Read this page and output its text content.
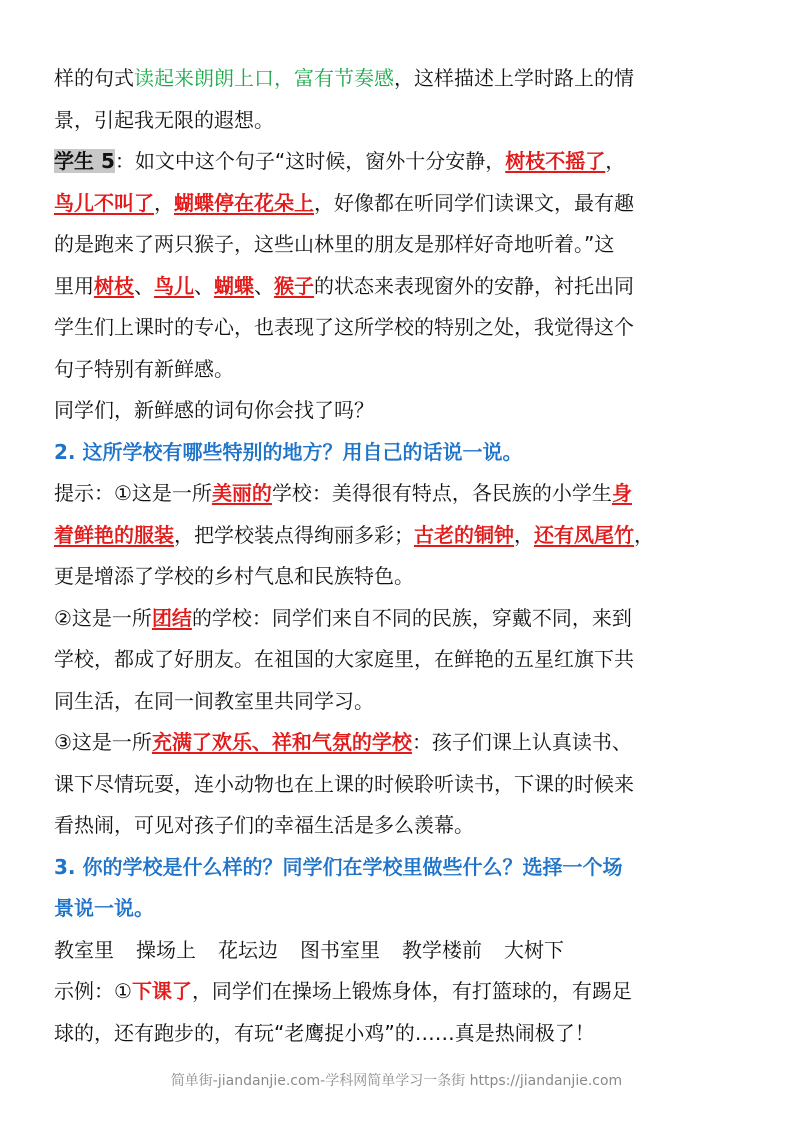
样的句式读起来朗朗上口，富有节奏感，这样描述上学时路上的情
景，引起我无限的遐想。
学生 5：如文中这个句子“这时候，窗外十分安静，树枝不摇了，
鸟儿不叫了，蝴蝶停在花朵上，好像都在听同学们读课文，最有趣
的是跑来了两只猴子，这些山林里的朋友是那样好奇地听着。”这
里用树枝、鸟儿、蝴蝶、猴子的状态来表现窗外的安静，衬托出同
学生们上课时的专心，也表现了这所学校的特别之处，我觉得这个
句子特别有新鲜感。
同学们，新鲜感的词句你会找了吗？
2. 这所学校有哪些特别的地方？用自己的话说一说。
提示：①这是一所美丽的学校：美得很有特点，各民族的小学生身
着鲜艳的服装，把学校装点得绚丽多彩；古老的铜钟，还有凤尾竹，
更是增添了学校的乡村气息和民族特色。
②这是一所团结的学校：同学们来自不同的民族，穿戴不同，来到
学校，都成了好朋友。在祖国的大家庭里，在鲜艳的五星红旗下共
同生活，在同一间教室里共同学习。
③这是一所充满了欢乐、祥和气氛的学校：孩子们课上认真读书、
课下尽情玩耍，连小动物也在上课的时候聆听读书，下课的时候来
看热闹，可见对孩子们的幸福生活是多么羡幕。
3. 你的学校是什么样的？同学们在学校里做些什么？选择一个场
景说一说。
教室里 操场上 花坛边 图书室里 教学楼前 大树下
示例：①下课了，同学们在操场上锻炼身体，有打篮球的，有踢足
球的，还有跑步的，有玩“老鹰捉小鸡”的……真是热闹极了！
简单街-jiandanjie.com-学科网简单学习一条街 https://jiandanjie.com
